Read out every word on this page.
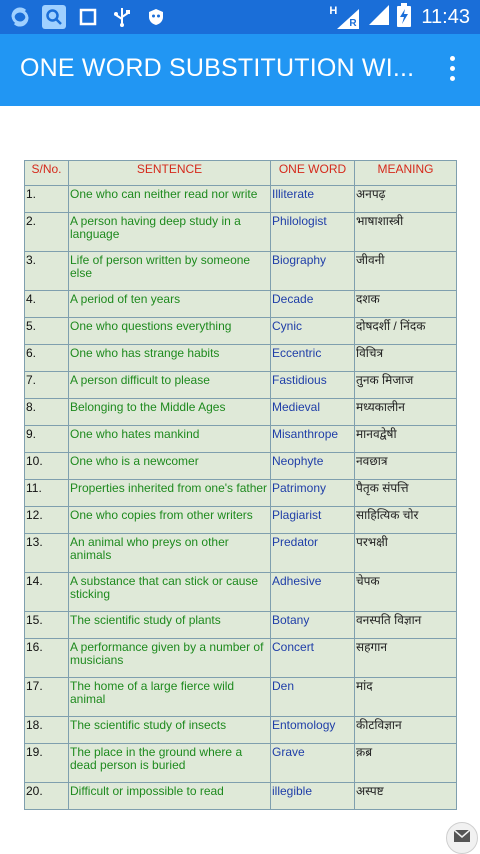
H
R	11:43
ONE WORD SUBSTITUTION WI...
S/No.	SENTENCE	ONE WORD	MEANING
1.	One who can neither read nor write	Illiterate	अनपढ़
2.	A person having deep study in a language	Philologist	भाषाशास्त्री
3.	Life of person written by someone else	Biography	जीवनी
4.	A period of ten years	Decade	दशक
5.	One who questions everything	Cynic	दोषदर्शी / निंदक
6.	One who has strange habits	Eccentric	विचित्र
7.	A person difficult to please	Fastidious	तुनक मिजाज
8.	Belonging to the Middle Ages	Medieval	मध्यकालीन
9.	One who hates mankind	Misanthrope	मानवद्वेषी
10.	One who is a newcomer	Neophyte	नवछात्र
11.	Properties inherited from one's father	Patrimony	पैतृक संपत्ति
12.	One who copies from other writers	Plagiarist	साहित्यिक चोर
13.	An animal who preys on other animals	Predator	परभक्षी
14.	A substance that can stick or cause sticking	Adhesive	चेपक
15.	The scientific study of plants	Botany	वनस्पति विज्ञान
16.	A performance given by a number of musicians	Concert	सहगान
17.	The home of a large fierce wild animal	Den	मांद
18.	The scientific study of insects	Entomology	कीटविज्ञान
19.	The place in the ground where a dead person is buried	Grave	क़ब्र
20.	Difficult or impossible to read	illegible	अस्पष्ट
